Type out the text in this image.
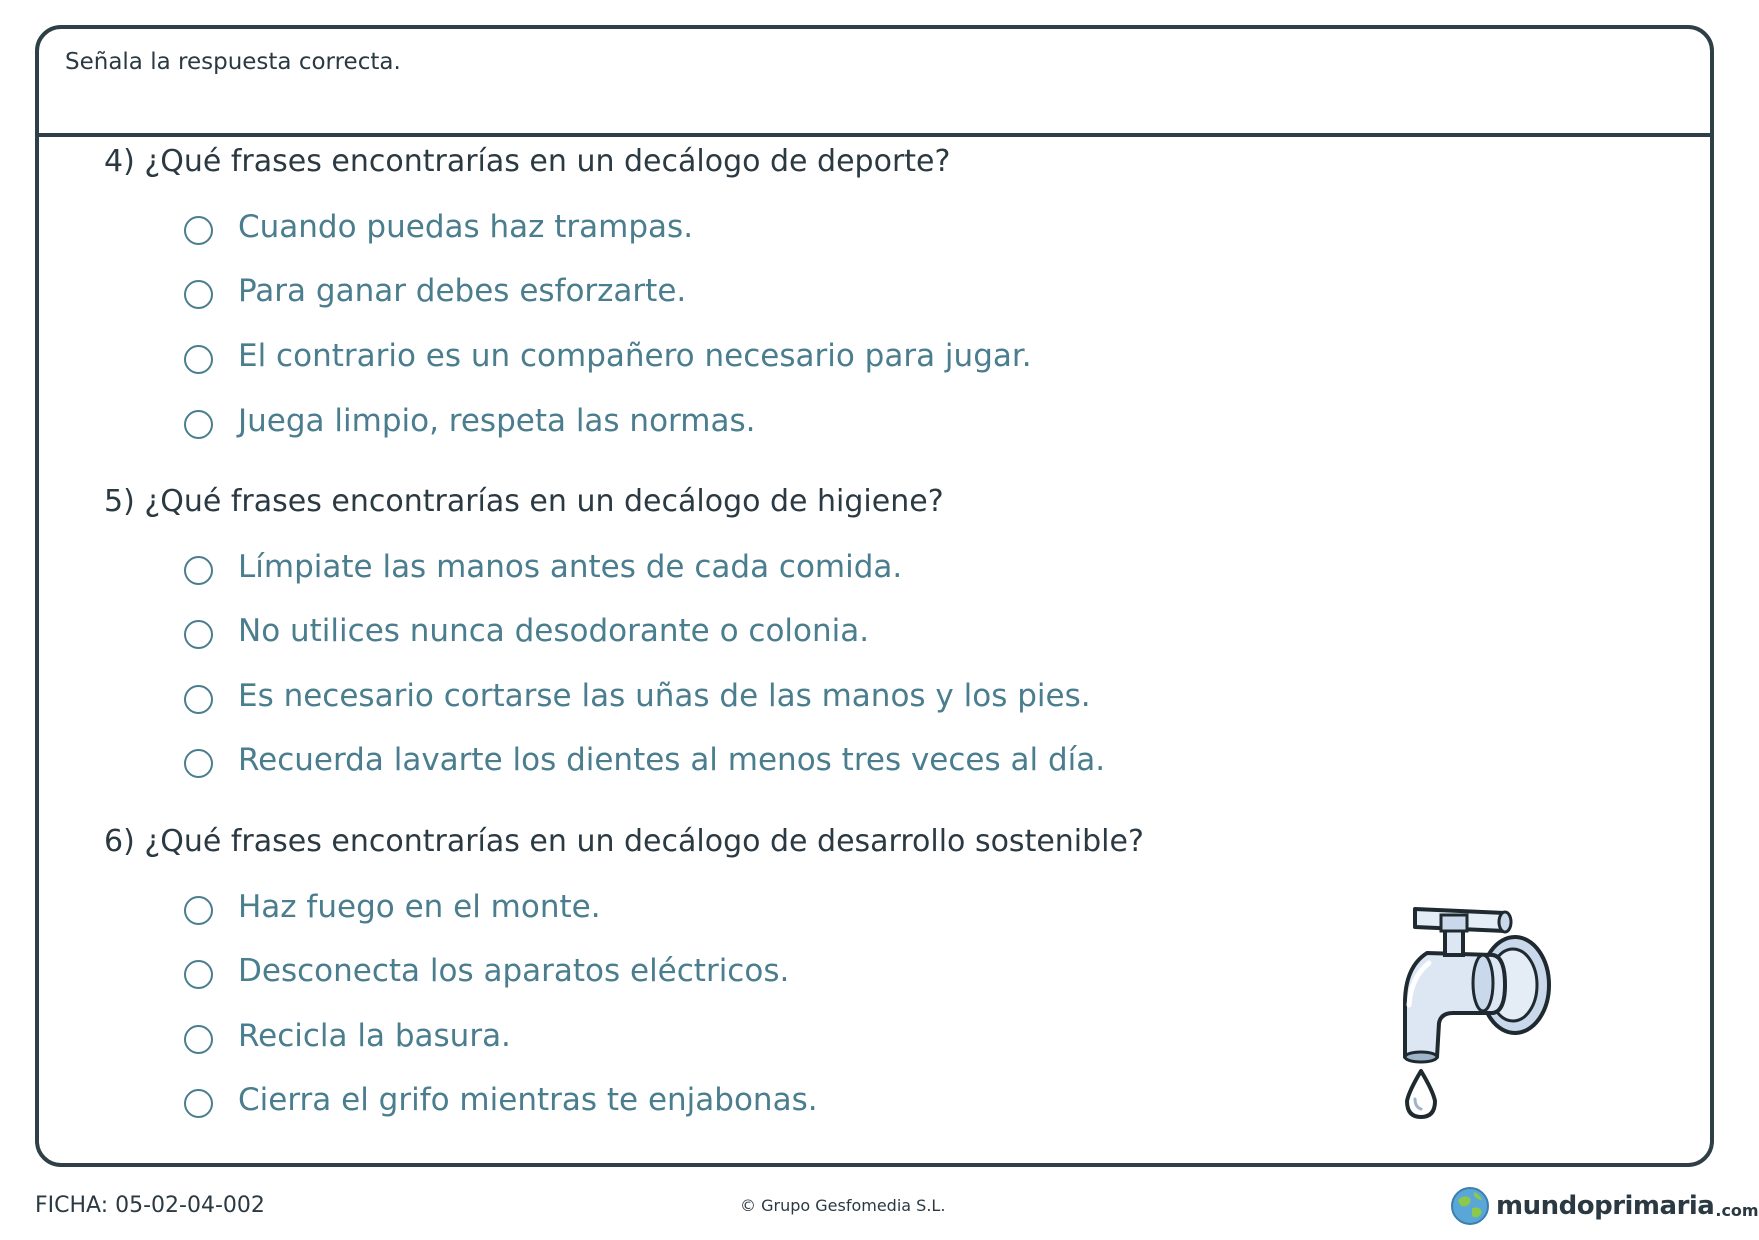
Señala la respuesta correcta.
4) ¿Qué frases encontrarías en un decálogo de deporte?
Cuando puedas haz trampas.
Para ganar debes esforzarte.
El contrario es un compañero necesario para jugar.
Juega limpio, respeta las normas.
5) ¿Qué frases encontrarías en un decálogo de higiene?
Límpiate las manos antes de cada comida.
No utilices nunca desodorante o colonia.
Es necesario cortarse las uñas de las manos y los pies.
Recuerda lavarte los dientes al menos tres veces al día.
6) ¿Qué frases encontrarías en un decálogo de desarrollo sostenible?
Haz fuego en el monte.
Desconecta los aparatos eléctricos.
Recicla la basura.
Cierra el grifo mientras te enjabonas.
FICHA: 05-02-04-002	© Grupo Gesfomedia S.L.	mundoprimaria .com
